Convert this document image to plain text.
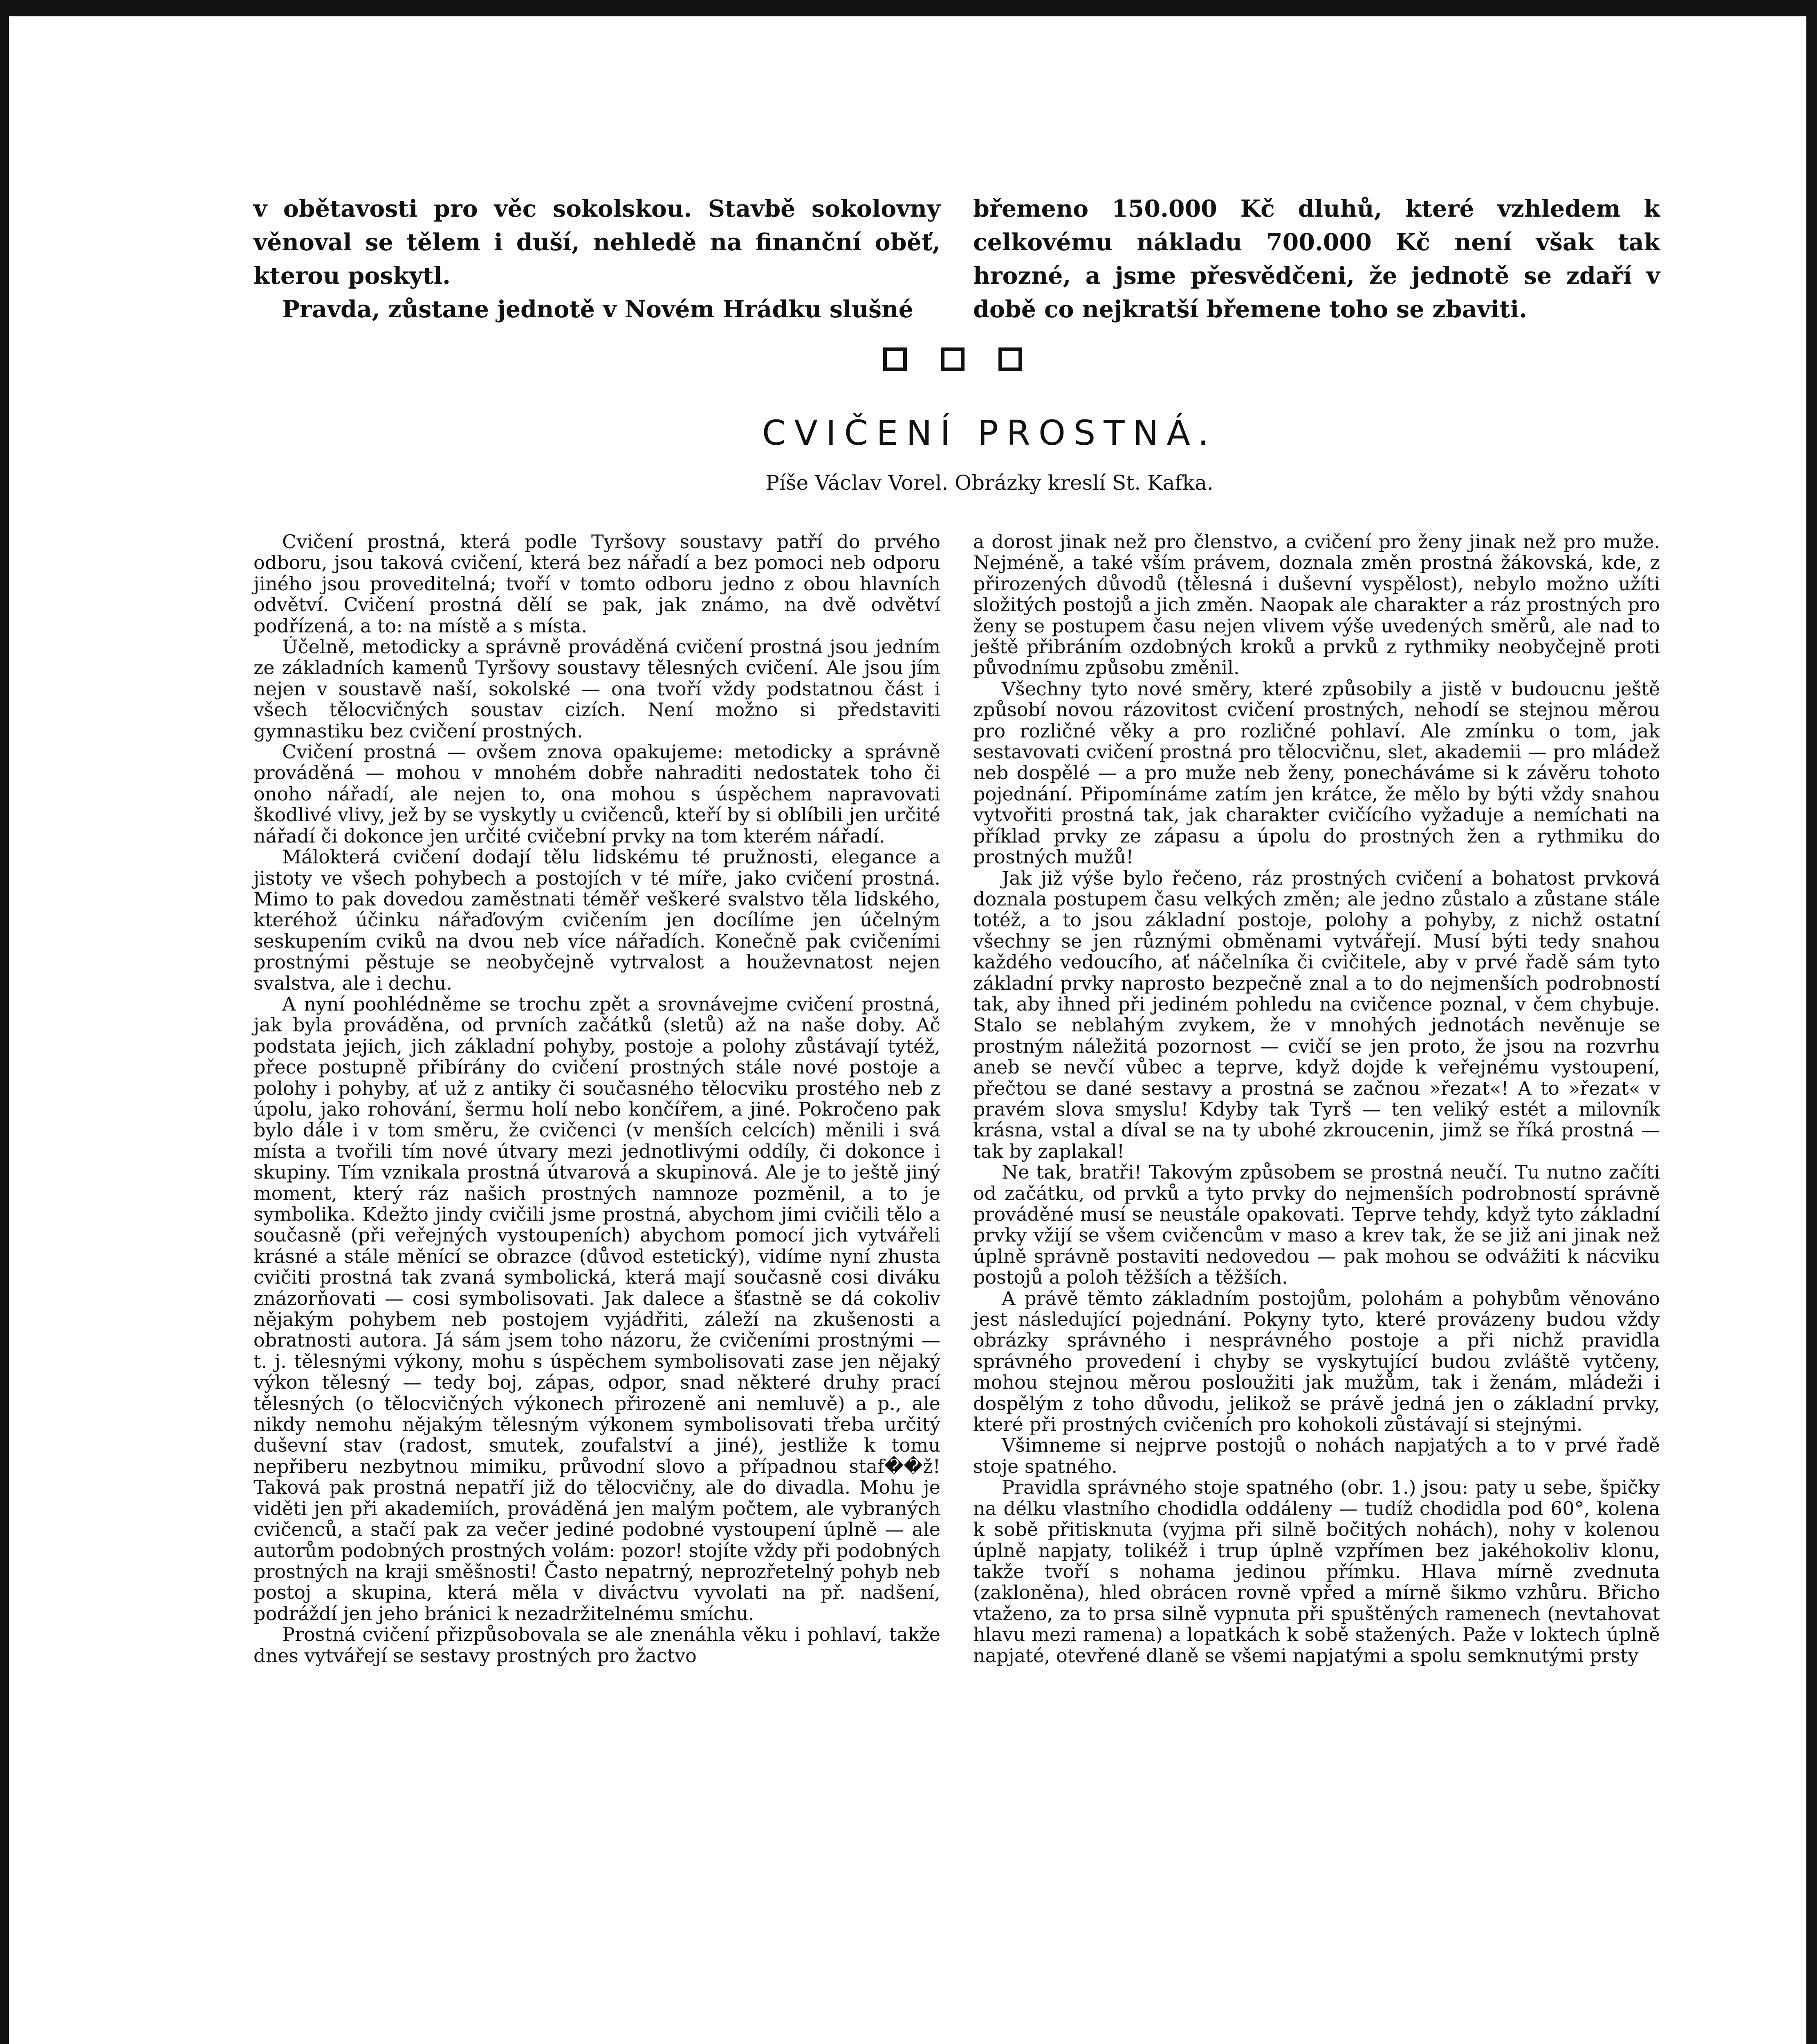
v obětavosti pro věc sokolskou. Stavbě sokolovny věnoval se tělem i duší, nehledě na finanční oběť, kterou poskytl.

Pravda, zůstane jednotě v Novém Hrádku slušné

břemeno 150.000 Kč dluhů, které vzhledem k celkovému nákladu 700.000 Kč není však tak hrozné, a jsme přesvědčeni, že jednotě se zdaří v době co nejkratší břemene toho se zbaviti.

CVIČENÍ PROSTNÁ.
Píše Václav Vorel. Obrázky kreslí St. Kafka.

Cvičení prostná, která podle Tyršovy soustavy patří do prvého odboru, jsou taková cvičení, která bez nářadí a bez pomoci neb odporu jiného jsou proveditelná; tvoří v tomto odboru jedno z obou hlavních odvětví. Cvičení prostná dělí se pak, jak známo, na dvě odvětví podřízená, a to: na místě a s místa.

Účelně, metodicky a správně prováděná cvičení prostná jsou jedním ze základních kamenů Tyršovy soustavy tělesných cvičení. Ale jsou jím nejen v soustavě naší, sokolské — ona tvoří vždy podstatnou část i všech tělocvičných soustav cizích. Není možno si představiti gymnastiku bez cvičení prostných.

Cvičení prostná — ovšem znova opakujeme: metodicky a správně prováděná — mohou v mnohém dobře nahraditi nedostatek toho či onoho nářadí, ale nejen to, ona mohou s úspěchem napravovati škodlivé vlivy, jež by se vyskytly u cvičenců, kteří by si oblíbili jen určité nářadí či dokonce jen určité cvičební prvky na tom kterém nářadí.

Málokterá cvičení dodají tělu lidskému té pružnosti, elegance a jistoty ve všech pohybech a postojích v té míře, jako cvičení prostná. Mimo to pak dovedou zaměstnati téměř veškeré svalstvo těla lidského, kteréhož účinku nářaďovým cvičením jen docílíme jen účelným seskupením cviků na dvou neb více nářadích. Konečně pak cvičeními prostnými pěstuje se neobyčejně vytrvalost a houževnatost nejen svalstva, ale i dechu.

A nyní poohlédněme se trochu zpět a srovnávejme cvičení prostná, jak byla prováděna, od prvních začátků (sletů) až na naše doby. Ač podstata jejich, jich základní pohyby, postoje a polohy zůstávají tytéž, přece postupně přibírány do cvičení prostných stále nové postoje a polohy i pohyby, ať už z antiky či současného tělocviku prostého neb z úpolu, jako rohování, šermu holí nebo končířem, a jiné. Pokročeno pak bylo dále i v tom směru, že cvičenci (v menších celcích) měnili i svá místa a tvořili tím nové útvary mezi jednotlivými oddíly, či dokonce i skupiny. Tím vznikala prostná útvarová a skupinová. Ale je to ještě jiný moment, který ráz našich prostných namnoze pozměnil, a to je symbolika. Kdežto jindy cvičili jsme prostná, abychom jimi cvičili tělo a současně (při veřejných vystoupeních) abychom pomocí jich vytvářeli krásné a stále měnící se obrazce (důvod estetický), vidíme nyní zhusta cvičiti prostná tak zvaná symbolická, která mají současně cosi diváku znázorňovati — cosi symbolisovati. Jak dalece a šťastně se dá cokoliv nějakým pohybem neb postojem vyjádřiti, záleží na zkušenosti a obratnosti autora. Já sám jsem toho názoru, že cvičeními prostnými — t. j. tělesnými výkony, mohu s úspěchem symbolisovati zase jen nějaký výkon tělesný — tedy boj, zápas, odpor, snad některé druhy prací tělesných (o tělocvičných výkonech přirozeně ani nemluvě) a p., ale nikdy nemohu nějakým tělesným výkonem symbolisovati třeba určitý duševní stav (radost, smutek, zoufalství a jiné), jestliže k tomu nepřiberu nezbytnou mimiku, průvodní slovo a případnou staf��ž! Taková pak prostná nepatří již do tělocvičny, ale do divadla. Mohu je viděti jen při akademiích, prováděná jen malým počtem, ale vybraných cvičenců, a stačí pak za večer jediné podobné vystoupení úplně — ale autorům podobných prostných volám: pozor! stojíte vždy při podobných prostných na kraji směšnosti! Často nepatrný, neprozřetelný pohyb neb postoj a skupina, která měla v diváctvu vyvolati na př. nadšení, podráždí jen jeho bránici k nezadržitelnému smíchu.

Prostná cvičení přizpůsobovala se ale znenáhla věku i pohlaví, takže dnes vytvářejí se sestavy prostných pro žactvo

a dorost jinak než pro členstvo, a cvičení pro ženy jinak než pro muže. Nejméně, a také vším právem, doznala změn prostná žákovská, kde, z přirozených důvodů (tělesná i duševní vyspělost), nebylo možno užíti složitých postojů a jich změn. Naopak ale charakter a ráz prostných pro ženy se postupem času nejen vlivem výše uvedených směrů, ale nad to ještě přibráním ozdobných kroků a prvků z rythmiky neobyčejně proti původnímu způsobu změnil.

Všechny tyto nové směry, které způsobily a jistě v budoucnu ještě způsobí novou rázovitost cvičení prostných, nehodí se stejnou měrou pro rozličné věky a pro rozličné pohlaví. Ale zmínku o tom, jak sestavovati cvičení prostná pro tělocvičnu, slet, akademii — pro mládež neb dospělé — a pro muže neb ženy, ponecháváme si k závěru tohoto pojednání. Připomínáme zatím jen krátce, že mělo by býti vždy snahou vytvořiti prostná tak, jak charakter cvičícího vyžaduje a nemíchati na příklad prvky ze zápasu a úpolu do prostných žen a rythmiku do prostných mužů!

Jak již výše bylo řečeno, ráz prostných cvičení a bohatost prvková doznala postupem času velkých změn; ale jedno zůstalo a zůstane stále totéž, a to jsou základní postoje, polohy a pohyby, z nichž ostatní všechny se jen různými obměnami vytvářejí. Musí býti tedy snahou každého vedoucího, ať náčelníka či cvičitele, aby v prvé řadě sám tyto základní prvky naprosto bezpečně znal a to do nejmenších podrobností tak, aby ihned při jediném pohledu na cvičence poznal, v čem chybuje. Stalo se neblahým zvykem, že v mnohých jednotách nevěnuje se prostným náležitá pozornost — cvičí se jen proto, že jsou na rozvrhu aneb se nevčí vůbec a teprve, když dojde k veřejnému vystoupení, přečtou se dané sestavy a prostná se začnou »řezat«! A to »řezat« v pravém slova smyslu! Kdyby tak Tyrš — ten veliký estét a milovník krásna, vstal a díval se na ty ubohé zkroucenin, jimž se říká prostná — tak by zaplakal!

Ne tak, bratři! Takovým způsobem se prostná neučí. Tu nutno začíti od začátku, od prvků a tyto prvky do nejmenších podrobností správně prováděné musí se neustále opakovati. Teprve tehdy, když tyto základní prvky vžijí se všem cvičencům v maso a krev tak, že se již ani jinak než úplně správně postaviti nedovedou — pak mohou se odvážiti k nácviku postojů a poloh těžších a těžších.

A právě těmto základním postojům, polohám a pohybům věnováno jest následující pojednání. Pokyny tyto, které provázeny budou vždy obrázky správného i nesprávného postoje a při nichž pravidla správného provedení i chyby se vyskytující budou zvláště vytčeny, mohou stejnou měrou posloužiti jak mužům, tak i ženám, mládeži i dospělým z toho důvodu, jelikož se právě jedná jen o základní prvky, které při prostných cvičeních pro kohokoli zůstávají si stejnými.

Všimneme si nejprve postojů o nohách napjatých a to v prvé řadě stoje spatného.

Pravidla správného stoje spatného (obr. 1.) jsou: paty u sebe, špičky na délku vlastního chodidla oddáleny — tudíž chodidla pod 60°, kolena k sobě přitisknuta (vyjma při silně bočitých nohách), nohy v kolenou úplně napjaty, tolikéž i trup úplně vzpřímen bez jakéhokoliv klonu, takže tvoří s nohama jedinou přímku. Hlava mírně zvednuta (zakloněna), hled obrácen rovně vpřed a mírně šikmo vzhůru. Břicho vtaženo, za to prsa silně vypnuta při spuštěných ramenech (nevtahovat hlavu mezi ramena) a lopatkách k sobě stažených. Paže v loktech úplně napjaté, otevřené dlaně se všemi napjatými a spolu semknutými prsty
